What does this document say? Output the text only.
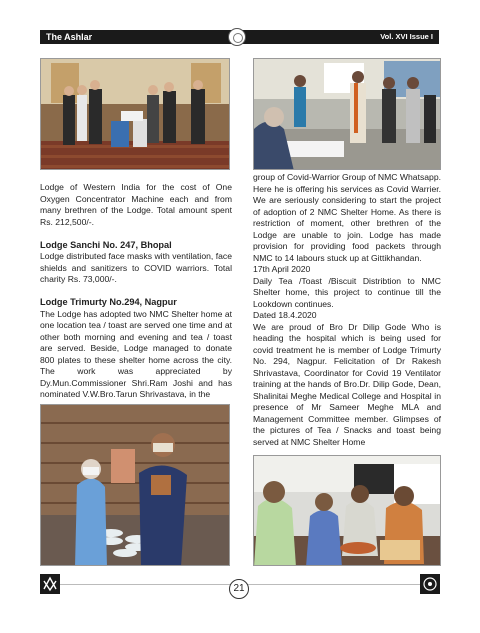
The Ashlar	Vol. XVI Issue I

Lodge of Western India for the cost of One Oxygen Concentrator Machine each and from many brethren of the Lodge. Total amount spent Rs. 212,500/-.

Lodge Sanchi No. 247, Bhopal

Lodge distributed face masks with ventilation, face shields and sanitizers to COVID warriors. Total charity Rs. 73,000/-.

Lodge Trimurty No.294, Nagpur

The Lodge has adopted two NMC Shelter home at one location tea / toast are served one time and at other both morning and evening and tea / toast are served. Beside, Lodge managed to donate 800 plates to these shelter home across the city. The work was appreciated by Dy.Mun.Commissioner Shri.Ram Joshi and has nominated V.W.Bro.Tarun Shrivastava, in the

group of Covid-Warrior Group of NMC Whatsapp. Here he is offering his services as Covid Warrier. We are seriously considering to start the project of adoption of 2 NMC Shelter Home. As there is restriction of moment, other brethren of the Lodge are unable to join. Lodge has made provision for providing food packets through NMC to 14 labours stuck up at Gittikhandan.

17th April 2020

Daily Tea /Toast /Biscuit Distribtion to NMC Shelter home, this project to continue till the Lookdown continues.

Dated 18.4.2020

We are proud of Bro Dr Dilip Gode Who is heading the hospital which is being used for covid treatment he is member of Lodge Trimurty No. 294, Nagpur. Felicitation of Dr Rakesh Shrivastava, Coordinator for Covid 19 Ventilator training at the hands of Bro.Dr. Dilip Gode, Dean, Shalinitai Meghe Medical College and Hospital in presence of Mr Sameer Meghe MLA and Management Committee member. Glimpses of the pictures of Tea / Snacks and toast being served at NMC Shelter Home

21
